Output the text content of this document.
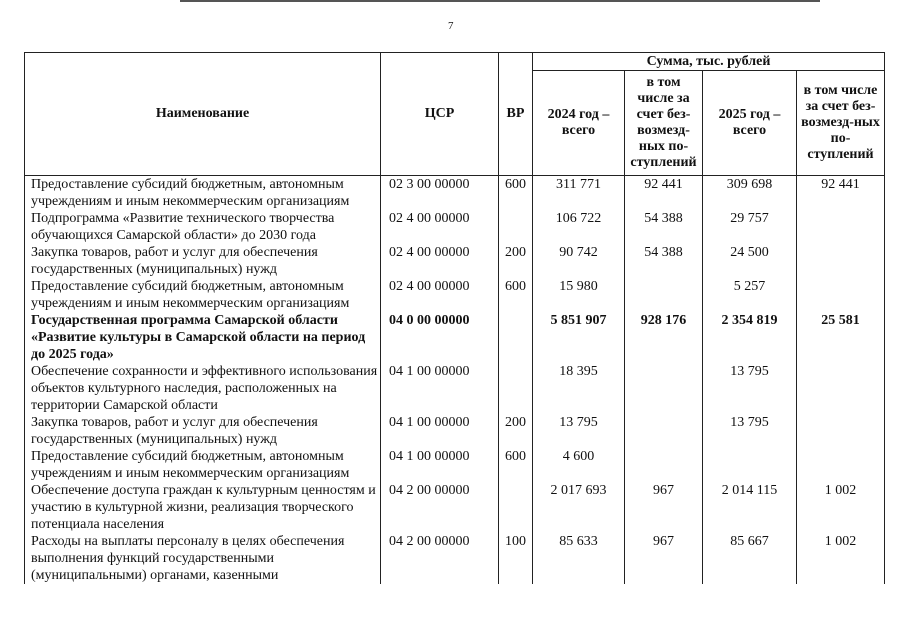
7
Наименование	ЦСР	ВР	Сумма, тыс. рублей			
			2024 год – всего	в том числе за счет без-возмезд-ных по-ступлений	2025 год – всего	в том числе за счет без-возмезд-ных по-ступлений
Предоставление субсидий бюджетным, автономным учреждениям и иным некоммерческим организациям	02 3 00 00000	600	311 771	92 441	309 698	92 441
Подпрограмма «Развитие технического творчества обучающихся Самарской области» до 2030 года	02 4 00 00000		106 722	54 388	29 757	
Закупка товаров, работ и услуг для обеспечения государственных (муниципальных) нужд	02 4 00 00000	200	90 742	54 388	24 500	
Предоставление субсидий бюджетным, автономным учреждениям и иным некоммерческим организациям	02 4 00 00000	600	15 980		5 257	
Государственная программа Самарской области «Развитие культуры в Самарской области на период до 2025 года»	04 0 00 00000		5 851 907	928 176	2 354 819	25 581
Обеспечение сохранности и эффективного использования объектов культурного наследия, расположенных на территории Самарской области	04 1 00 00000		18 395		13 795	
Закупка товаров, работ и услуг для обеспечения государственных (муниципальных) нужд	04 1 00 00000	200	13 795		13 795	
Предоставление субсидий бюджетным, автономным учреждениям и иным некоммерческим организациям	04 1 00 00000	600	4 600			
Обеспечение доступа граждан к культурным ценностям и участию в культурной жизни, реализация творческого потенциала населения	04 2 00 00000		2 017 693	967	2 014 115	1 002
Расходы на выплаты персоналу в целях обеспечения выполнения функций государственными (муниципальными) органами, казенными	04 2 00 00000	100	85 633	967	85 667	1 002
